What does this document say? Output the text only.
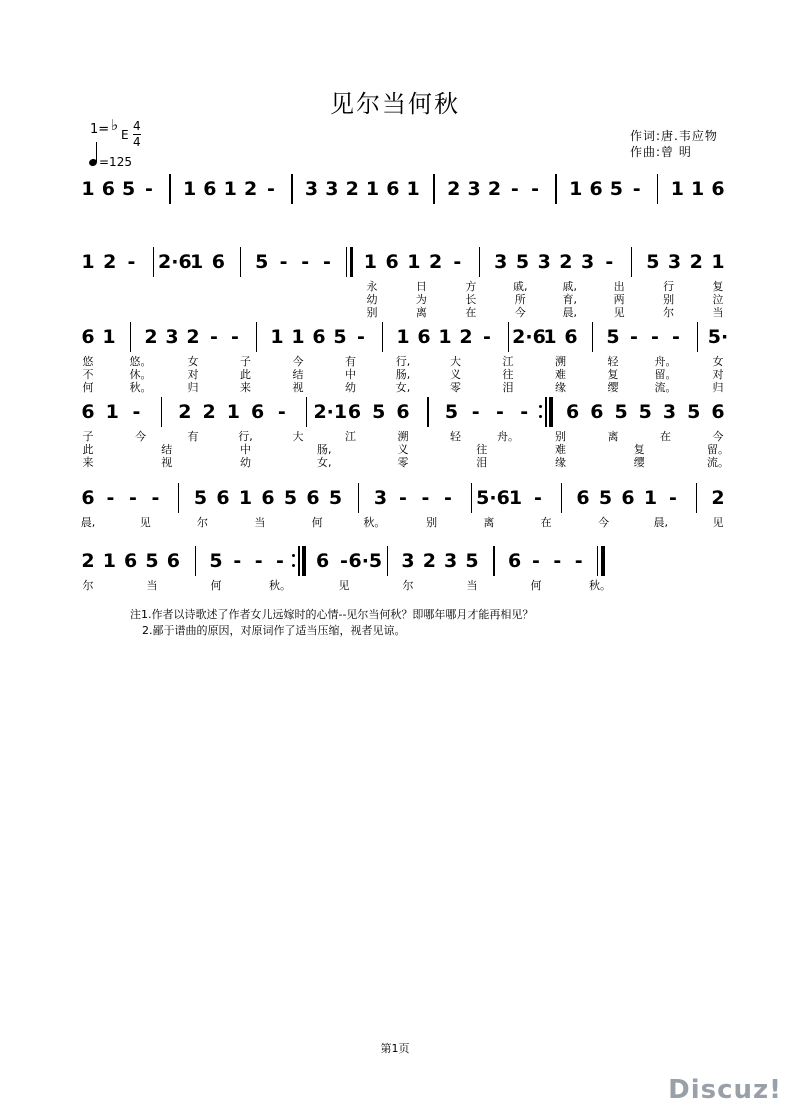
见尔当何秋
1= ♭
E
4
4
=125
作词:唐.韦应物
作曲:曾 明
1 6 5 - 1 6 1 2 - 3 3 2 1 6 1 2 3 2 - - 1 6 5 - 1 1 6
1 2 - 2·6
1 6 5 - - - 1 6 1 2 - 3 5 3 2 3 - 5 3 2 1
永	日	方	戚,	戚,	出	行	复
幼	为	长	所	育,	两	别	泣
别	离	在	今	晨,	见	尔	当
6 1 2 3 2 - - 1 1 6 5 - 1 6 1 2 - 2·6
1 6 5 - - - 5·
悠	悠。	女	子	今	有	行,	大	江	溯	轻	舟。	女
不	休。	对	此	结	中	肠,	义	往	难	复	留。	对
何	秋。	归	来	视	幼	女,	零	泪	缘	缨	流。	归
6 1 - 2 2 1 6 - 2·1 6 5 6 5 - - - 6 6 5 5 3 5 6
子	今	有	行,	大	江	溯	轻	舟。	别	离	在	今
此	结	中	肠,	义	往	难	复	留。
来	视	幼	女,	零	泪	缘	缨	流。
6 - - - 5 6 1 6 5 6 5 3 - - - 5·6 1 - 6 5 6 1 - 2
晨,	见	尔	当	何	秋。	别	离	在	今	晨,	见
2 1 6 5 6 5 - - - 6 - 6·5 3 2 3 5 6 - - -
尔	当	何	秋。	见	尔	当	何	秋。
注1.作者以诗歌述了作者女儿远嫁时的心情--见尔当何秋？即哪年哪月才能再相见？
2.鄙于谱曲的原因，对原词作了适当压缩，视者见谅。
第1页
Discuz!
